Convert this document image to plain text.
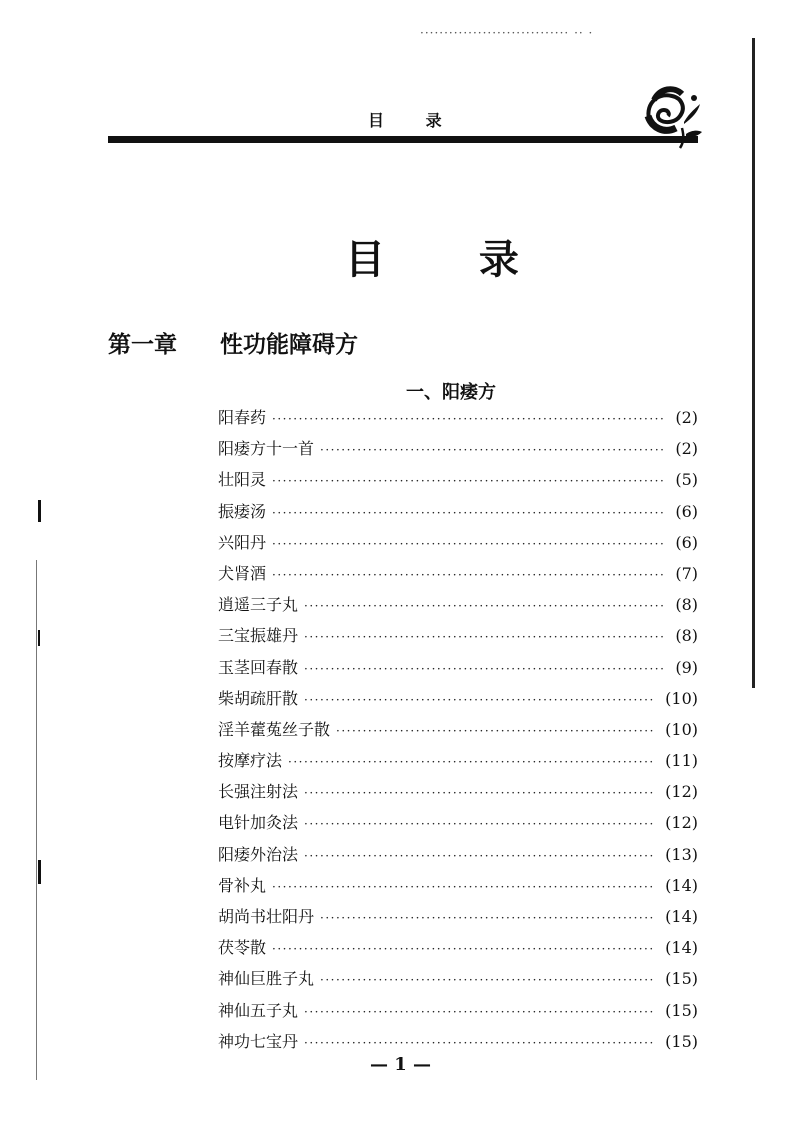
······························· ·· ·
目 录
目 录
第一章 性功能障碍方
一、阳痿方
阳春药 ·····	(2)
阳痿方十一首 ·····	(2)
壮阳灵 ·····	(5)
振痿汤 ·····	(6)
兴阳丹 ·····	(6)
犬肾酒 ·····	(7)
逍遥三子丸 ·····	(8)
三宝振雄丹 ·····	(8)
玉茎回春散 ·····	(9)
柴胡疏肝散 ·····	(10)
淫羊藿菟丝子散 ·····	(10)
按摩疗法 ·····	(11)
长强注射法 ·····	(12)
电针加灸法 ·····	(12)
阳痿外治法 ·····	(13)
骨补丸 ·····	(14)
胡尚书壮阳丹 ·····	(14)
茯苓散 ·····	(14)
神仙巨胜子丸 ·····	(15)
神仙五子丸 ·····	(15)
神功七宝丹 ·····	(15)
— 1 —
